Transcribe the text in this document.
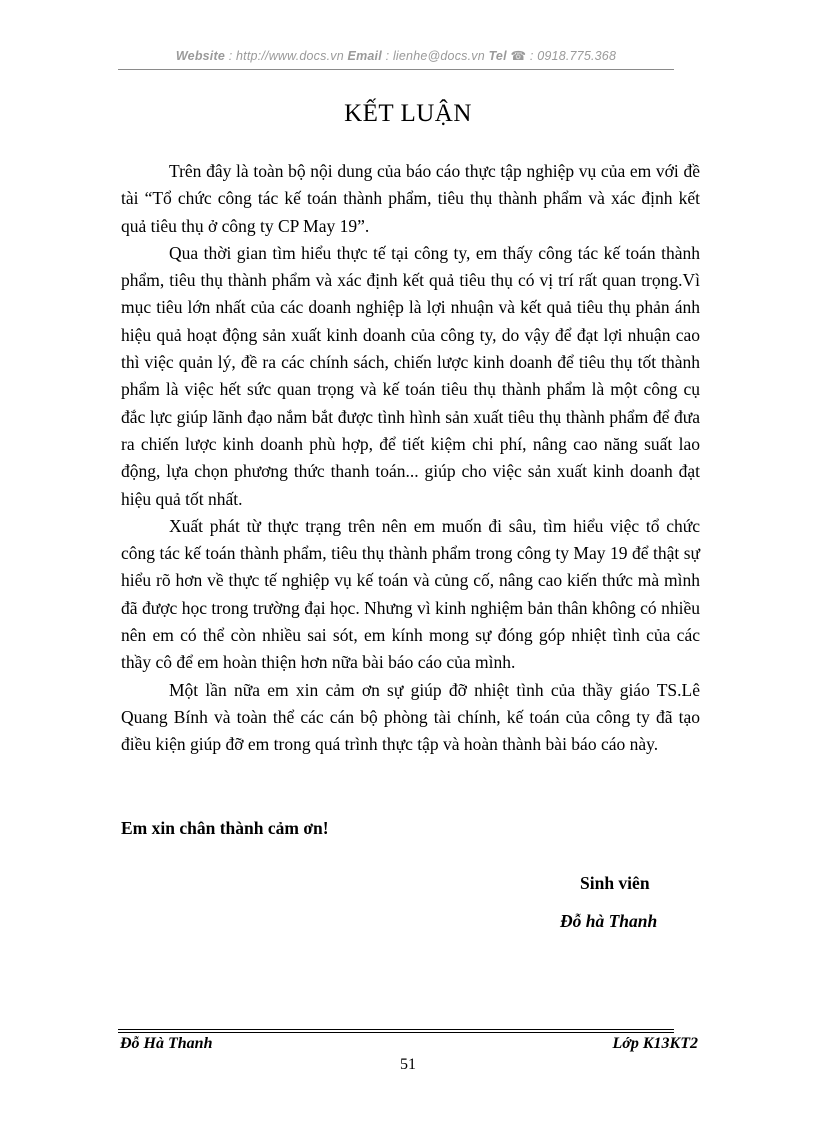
Website : http://www.docs.vn Email : lienhe@docs.vn Tel ☎ : 0918.775.368
KẾT LUẬN

Trên đây là toàn bộ nội dung của báo cáo thực tập nghiệp vụ của em với đề tài “Tổ chức công tác kế toán thành phẩm, tiêu thụ thành phẩm và xác định kết quả tiêu thụ ở công ty CP May 19”.

Qua thời gian tìm hiểu thực tế tại công ty, em thấy công tác kế toán thành phẩm, tiêu thụ thành phẩm và xác định kết quả tiêu thụ có vị trí rất quan trọng.Vì mục tiêu lớn nhất của các doanh nghiệp là lợi nhuận và kết quả tiêu thụ phản ánh hiệu quả hoạt động sản xuất kinh doanh của công ty, do vậy để đạt lợi nhuận cao thì việc quản lý, đề ra các chính sách, chiến lược kinh doanh để tiêu thụ tốt thành phẩm là việc hết sức quan trọng và kế toán tiêu thụ thành phẩm là một công cụ đắc lực giúp lãnh đạo nắm bắt được tình hình sản xuất tiêu thụ thành phẩm để đưa ra chiến lược kinh doanh phù hợp, để tiết kiệm chi phí, nâng cao năng suất lao động, lựa chọn phương thức thanh toán... giúp cho việc sản xuất kinh doanh đạt hiệu quả tốt nhất.

Xuất phát từ thực trạng trên nên em muốn đi sâu, tìm hiểu việc tổ chức công tác kế toán thành phẩm, tiêu thụ thành phẩm trong công ty May 19 để thật sự hiểu rõ hơn về thực tế nghiệp vụ kế toán và củng cố, nâng cao kiến thức mà mình đã được học trong trường đại học. Nhưng vì kinh nghiệm bản thân không có nhiều nên em có thể còn nhiều sai sót, em kính mong sự đóng góp nhiệt tình của các thầy cô để em hoàn thiện hơn nữa bài báo cáo của mình.

Một lần nữa em xin cảm ơn sự giúp đỡ nhiệt tình của thầy giáo TS.Lê Quang Bính và toàn thể các cán bộ phòng tài chính, kế toán của công ty đã tạo điều kiện giúp đỡ em trong quá trình thực tập và hoàn thành bài báo cáo này.

Em xin chân thành cảm ơn!
Sinh viên
Đỗ hà Thanh
Đỗ Hà Thanh	Lớp K13KT2
51
